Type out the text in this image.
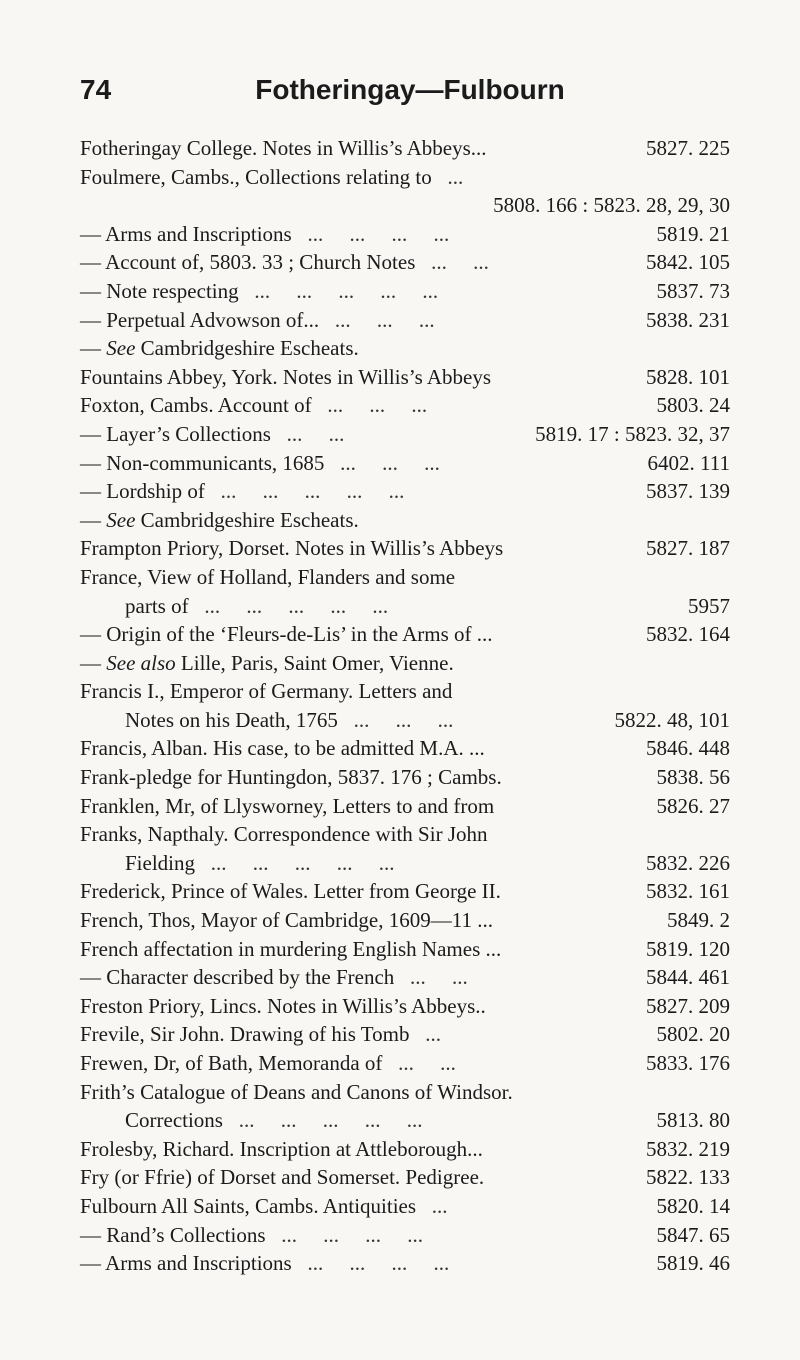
74	Fotheringay—Fulbourn
Fotheringay College. Notes in Willis’s Abbeys...	5827. 225
Foulmere, Cambs., Collections relating to   ...
5808. 166 : 5823. 28, 29, 30
— Arms and Inscriptions   ...     ...     ...     ...	5819. 21
— Account of, 5803. 33 ; Church Notes   ...     ...	5842. 105
— Note respecting   ...     ...     ...     ...     ...	5837. 73
— Perpetual Advowson of...   ...     ...     ...	5838. 231
— See Cambridgeshire Escheats.
Fountains Abbey, York. Notes in Willis’s Abbeys	5828. 101
Foxton, Cambs. Account of   ...     ...     ...	5803. 24
— Layer’s Collections   ...     ...	5819. 17 : 5823. 32, 37
— Non-communicants, 1685   ...     ...     ...	6402. 111
— Lordship of   ...     ...     ...     ...     ...	5837. 139
— See Cambridgeshire Escheats.
Frampton Priory, Dorset. Notes in Willis’s Abbeys	5827. 187
France, View of Holland, Flanders and some
parts of   ...     ...     ...     ...     ...	5957
— Origin of the ‘Fleurs-de-Lis’ in the Arms of ...	5832. 164
— See also Lille, Paris, Saint Omer, Vienne.
Francis I., Emperor of Germany. Letters and
Notes on his Death, 1765   ...     ...     ...	5822. 48, 101
Francis, Alban. His case, to be admitted M.A. ...	5846. 448
Frank-pledge for Huntingdon, 5837. 176 ; Cambs.	5838. 56
Franklen, Mr, of Llysworney, Letters to and from	5826. 27
Franks, Napthaly. Correspondence with Sir John
Fielding   ...     ...     ...     ...     ...	5832. 226
Frederick, Prince of Wales. Letter from George II.	5832. 161
French, Thos, Mayor of Cambridge, 1609—11 ...	5849. 2
French affectation in murdering English Names ...	5819. 120
— Character described by the French   ...     ...	5844. 461
Freston Priory, Lincs. Notes in Willis’s Abbeys..	5827. 209
Frevile, Sir John. Drawing of his Tomb   ...	5802. 20
Frewen, Dr, of Bath, Memoranda of   ...     ...	5833. 176
Frith’s Catalogue of Deans and Canons of Windsor.
Corrections   ...     ...     ...     ...     ...	5813. 80
Frolesby, Richard. Inscription at Attleborough...	5832. 219
Fry (or Ffrie) of Dorset and Somerset. Pedigree.	5822. 133
Fulbourn All Saints, Cambs. Antiquities   ...	5820. 14
— Rand’s Collections   ...     ...     ...     ...	5847. 65
— Arms and Inscriptions   ...     ...     ...     ...	5819. 46
